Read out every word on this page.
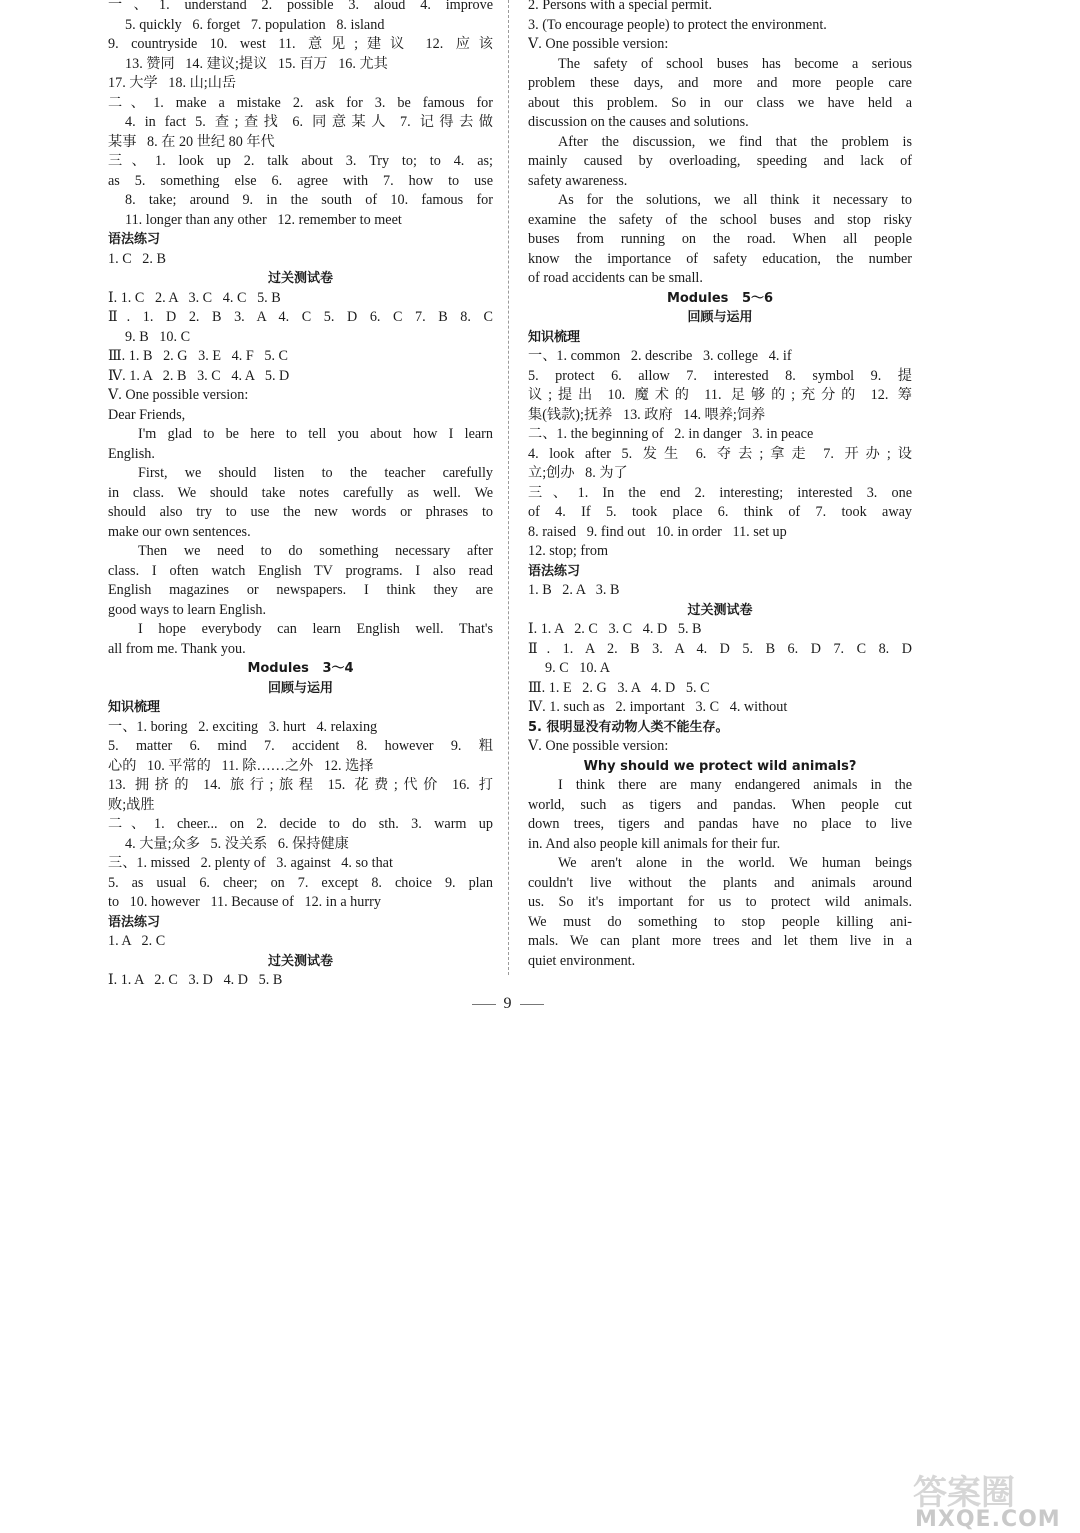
一、1. understand 2. possible 3. aloud 4. improve
5. quickly   6. forget   7. population   8. island
9. countryside 10. west 11. 意见;建议 12. 应该
13. 赞同   14. 建议;提议   15. 百万   16. 尤其
17. 大学   18. 山;山岳
二、1. make a mistake 2. ask for 3. be famous for
4. in fact 5. 查;查找 6. 同意某人 7. 记得去做
某事   8. 在 20 世纪 80 年代
三、1. look up 2. talk about 3. Try to; to 4. as;
as 5. something else 6. agree with 7. how to use
8. take; around 9. in the south of 10. famous for
11. longer than any other   12. remember to meet
语法练习
1. C   2. B
过关测试卷
Ⅰ. 1. C   2. A   3. C   4. C   5. B
Ⅱ. 1. D 2. B 3. A 4. C 5. D 6. C 7. B 8. C
9. B   10. C
Ⅲ. 1. B   2. G   3. E   4. F   5. C
Ⅳ. 1. A   2. B   3. C   4. A   5. D
Ⅴ. One possible version:
Dear Friends,
I'm glad to be here to tell you about how I learn
English.
First, we should listen to the teacher carefully
in class. We should take notes carefully as well. We
should also try to use the new words or phrases to
make our own sentences.
Then we need to do something necessary after
class. I often watch English TV programs. I also read
English magazines or newspapers. I think they are
good ways to learn English.
I hope everybody can learn English well. That's
all from me. Thank you.
Modules   3～4
回顾与运用
知识梳理
一、1. boring   2. exciting   3. hurt   4. relaxing
5. matter 6. mind 7. accident 8. however 9. 粗
心的   10. 平常的   11. 除……之外   12. 选择
13. 拥挤的 14. 旅行;旅程 15. 花费;代价 16. 打
败;战胜
二、1. cheer... on 2. decide to do sth. 3. warm up
4. 大量;众多   5. 没关系   6. 保持健康
三、1. missed   2. plenty of   3. against   4. so that
5. as usual 6. cheer; on 7. except 8. choice 9. plan
to   10. however   11. Because of   12. in a hurry
语法练习
1. A   2. C
过关测试卷
Ⅰ. 1. A   2. C   3. D   4. D   5. B
2. Persons with a special permit.
3. (To encourage people) to protect the environment.
Ⅴ. One possible version:
The safety of school buses has become a serious
problem these days, and more and more people care
about this problem. So in our class we have held a
discussion on the causes and solutions.
After the discussion, we find that the problem is
mainly caused by overloading, speeding and lack of
safety awareness.
As for the solutions, we all think it necessary to
examine the safety of the school buses and stop risky
buses from running on the road. When all people
know the importance of safety education, the number
of road accidents can be small.
Modules   5～6
回顾与运用
知识梳理
一、1. common   2. describe   3. college   4. if
5. protect 6. allow 7. interested 8. symbol 9. 提
议;提出 10. 魔术的 11. 足够的;充分的 12. 筹
集(钱款);抚养   13. 政府   14. 喂养;饲养
二、1. the beginning of   2. in danger   3. in peace
4. look after 5. 发生 6. 夺去;拿走 7. 开办;设
立;创办   8. 为了
三、1. In the end 2. interesting; interested 3. one
of 4. If 5. took place 6. think of 7. took away
8. raised   9. find out   10. in order   11. set up
12. stop; from
语法练习
1. B   2. A   3. B
过关测试卷
Ⅰ. 1. A   2. C   3. C   4. D   5. B
Ⅱ. 1. A 2. B 3. A 4. D 5. B 6. D 7. C 8. D
9. C   10. A
Ⅲ. 1. E   2. G   3. A   4. D   5. C
Ⅳ. 1. such as   2. important   3. C   4. without
5. 很明显没有动物人类不能生存。
Ⅴ. One possible version:
Why should we protect wild animals?
I think there are many endangered animals in the
world, such as tigers and pandas. When people cut
down trees, tigers and pandas have no place to live
in. And also people kill animals for their fur.
We aren't alone in the world. We human beings
couldn't live without the plants and animals around
us. So it's important for us to protect wild animals.
We must do something to stop people killing ani-
mals. We can plant more trees and let them live in a
quiet environment.
9
答案圈
MXQE.COM
